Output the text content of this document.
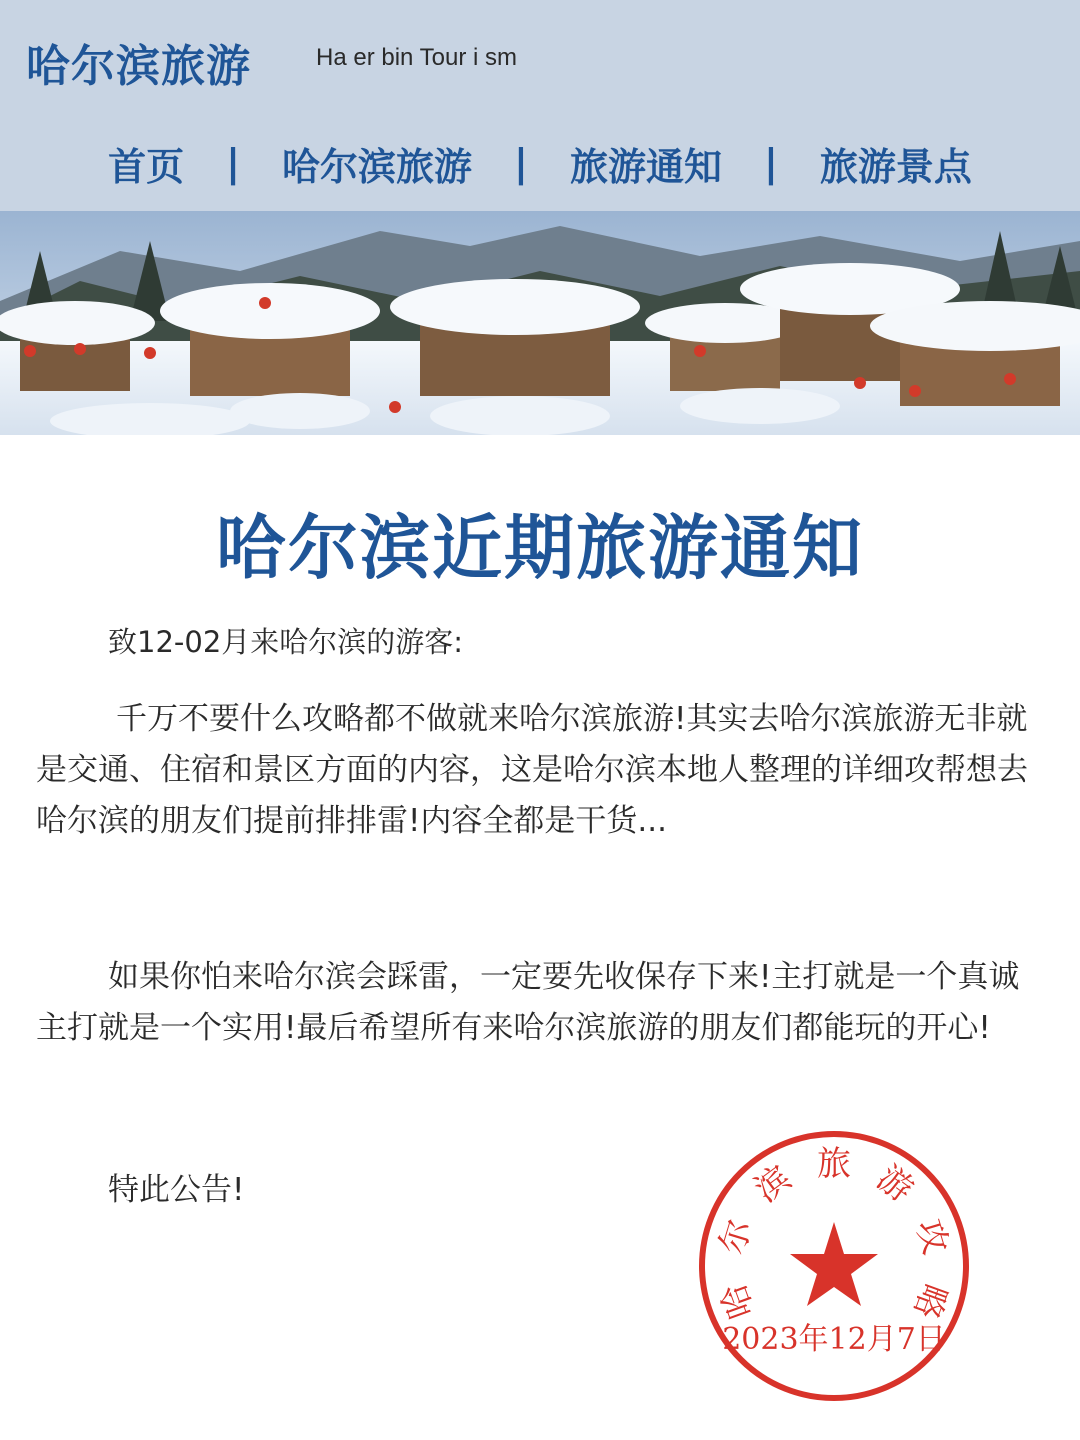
哈尔滨旅游	Ha er bin Tour i sm
首页	|	哈尔滨旅游	|	旅游通知	|	旅游景点
哈尔滨近期旅游通知
致12-02月来哈尔滨的游客:
千万不要什么攻略都不做就来哈尔滨旅游!其实去哈尔滨旅游无非就是交通、住宿和景区方面的内容，这是哈尔滨本地人整理的详细攻帮想去哈尔滨的朋友们提前排排雷!内容全都是干货...
如果你怕来哈尔滨会踩雷，一定要先收保存下来!主打就是一个真诚主打就是一个实用!最后希望所有来哈尔滨旅游的朋友们都能玩的开心!
特此公告!
哈
尔
滨 旅 游
攻
略
2023年12月7日
